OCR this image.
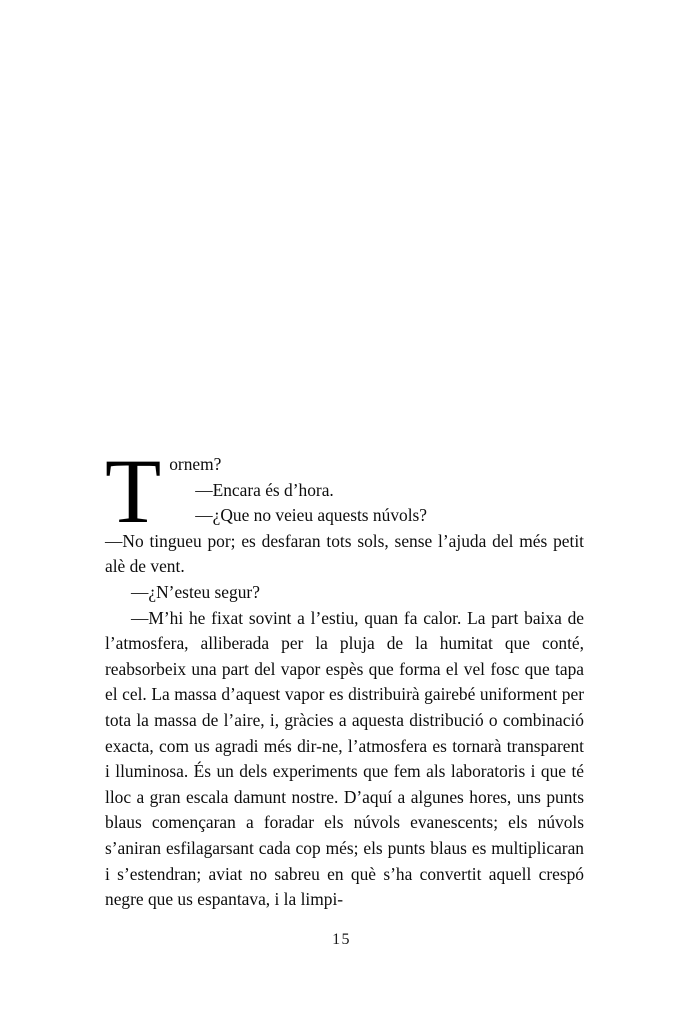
Tornem?

—Encara és d’hora.

—¿Que no veieu aquests núvols?

—No tingueu por; es desfaran tots sols, sense l’ajuda del més petit alè de vent.

—¿N’esteu segur?

—M’hi he fixat sovint a l’estiu, quan fa calor. La part baixa de l’atmosfera, alliberada per la pluja de la humitat que conté, reabsorbeix una part del vapor espès que forma el vel fosc que tapa el cel. La massa d’aquest vapor es distribuirà gairebé uniforment per tota la massa de l’aire, i, gràcies a aquesta distribució o combinació exacta, com us agradi més dir-ne, l’atmosfera es tornarà transparent i lluminosa. És un dels experiments que fem als laboratoris i que té lloc a gran escala damunt nostre. D’aquí a algunes hores, uns punts blaus començaran a foradar els núvols evanescents; els núvols s’aniran esfilagarsant cada cop més; els punts blaus es multiplicaran i s’estendran; aviat no sabreu en què s’ha convertit aquell crespó negre que us espantava, i la limpi-

15
